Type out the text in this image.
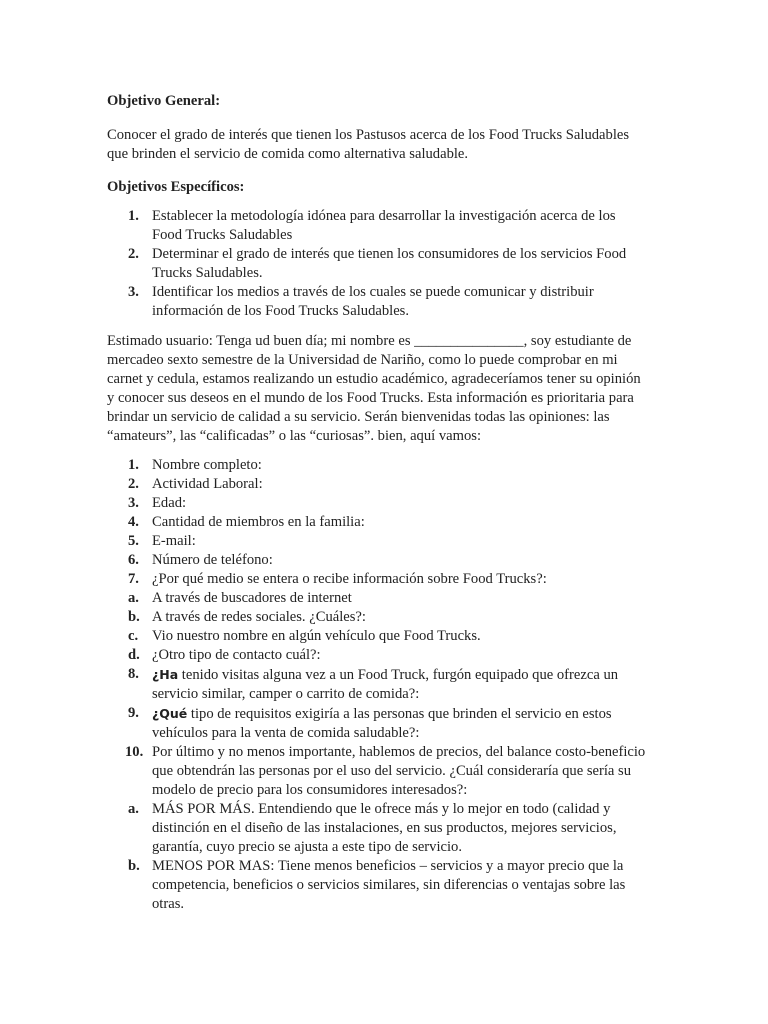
Objetivo General:

Conocer el grado de interés que tienen los Pastusos acerca de los Food Trucks Saludables que brinden el servicio de comida como alternativa saludable.

Objetivos Específicos:

1. Establecer la metodología idónea para desarrollar la investigación acerca de los Food Trucks Saludables
2. Determinar el grado de interés que tienen los consumidores de los servicios Food Trucks Saludables.
3. Identificar los medios a través de los cuales se puede comunicar y distribuir información de los Food Trucks Saludables.

Estimado usuario: Tenga ud buen día; mi nombre es _______________, soy estudiante de mercadeo sexto semestre de la Universidad de Nariño, como lo puede comprobar en mi carnet y cedula, estamos realizando un estudio académico, agradeceríamos tener su opinión y conocer sus deseos en el mundo de los Food Trucks. Esta información es prioritaria para brindar un servicio de calidad a su servicio. Serán bienvenidas todas las opiniones: las “amateurs”, las “calificadas” o las “curiosas”. bien, aquí vamos:

1. Nombre completo:
2. Actividad Laboral:
3. Edad:
4. Cantidad de miembros en la familia:
5. E-mail:
6. Número de teléfono:
7. ¿Por qué medio se entera o recibe información sobre Food Trucks?:
a. A través de buscadores de internet
b. A través de redes sociales. ¿Cuáles?:
c. Vio nuestro nombre en algún vehículo que Food Trucks.
d. ¿Otro tipo de contacto cuál?:
8. ¿Ha tenido visitas alguna vez a un Food Truck, furgón equipado que ofrezca un servicio similar, camper o carrito de comida?:
9. ¿Qué tipo de requisitos exigiría a las personas que brinden el servicio en estos vehículos para la venta de comida saludable?:
10. Por último y no menos importante, hablemos de precios, del balance costo-beneficio que obtendrán las personas por el uso del servicio. ¿Cuál consideraría que sería su modelo de precio para los consumidores interesados?:
a. MÁS POR MÁS. Entendiendo que le ofrece más y lo mejor en todo (calidad y distinción en el diseño de las instalaciones, en sus productos, mejores servicios, garantía, cuyo precio se ajusta a este tipo de servicio.
b. MENOS POR MAS: Tiene menos beneficios – servicios y a mayor precio que la competencia, beneficios o servicios similares, sin diferencias o ventajas sobre las otras.
